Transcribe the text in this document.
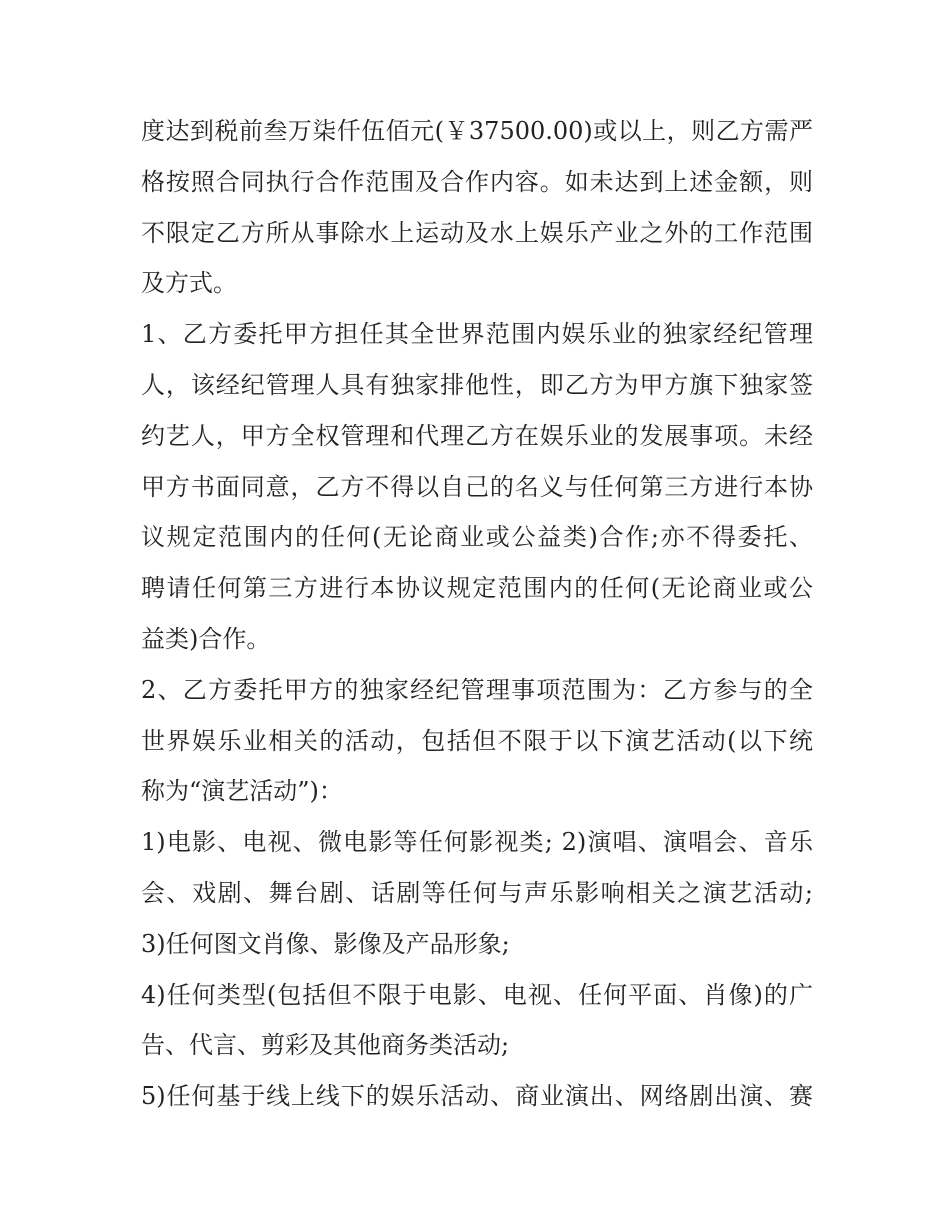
度达到税前叁万柒仟伍佰元(￥37500.00)或以上，则乙方需严
格按照合同执行合作范围及合作内容。如未达到上述金额，则
不限定乙方所从事除水上运动及水上娱乐产业之外的工作范围
及方式。
1、乙方委托甲方担任其全世界范围内娱乐业的独家经纪管理
人，该经纪管理人具有独家排他性，即乙方为甲方旗下独家签
约艺人，甲方全权管理和代理乙方在娱乐业的发展事项。未经
甲方书面同意，乙方不得以自己的名义与任何第三方进行本协
议规定范围内的任何(无论商业或公益类)合作;亦不得委托、
聘请任何第三方进行本协议规定范围内的任何(无论商业或公
益类)合作。
2、乙方委托甲方的独家经纪管理事项范围为：乙方参与的全
世界娱乐业相关的活动，包括但不限于以下演艺活动(以下统
称为“演艺活动”)：
1)电影、电视、微电影等任何影视类; 2)演唱、演唱会、音乐
会、戏剧、舞台剧、话剧等任何与声乐影响相关之演艺活动;
3)任何图文肖像、影像及产品形象;
4)任何类型(包括但不限于电影、电视、任何平面、肖像)的广
告、代言、剪彩及其他商务类活动;
5)任何基于线上线下的娱乐活动、商业演出、网络剧出演、赛
